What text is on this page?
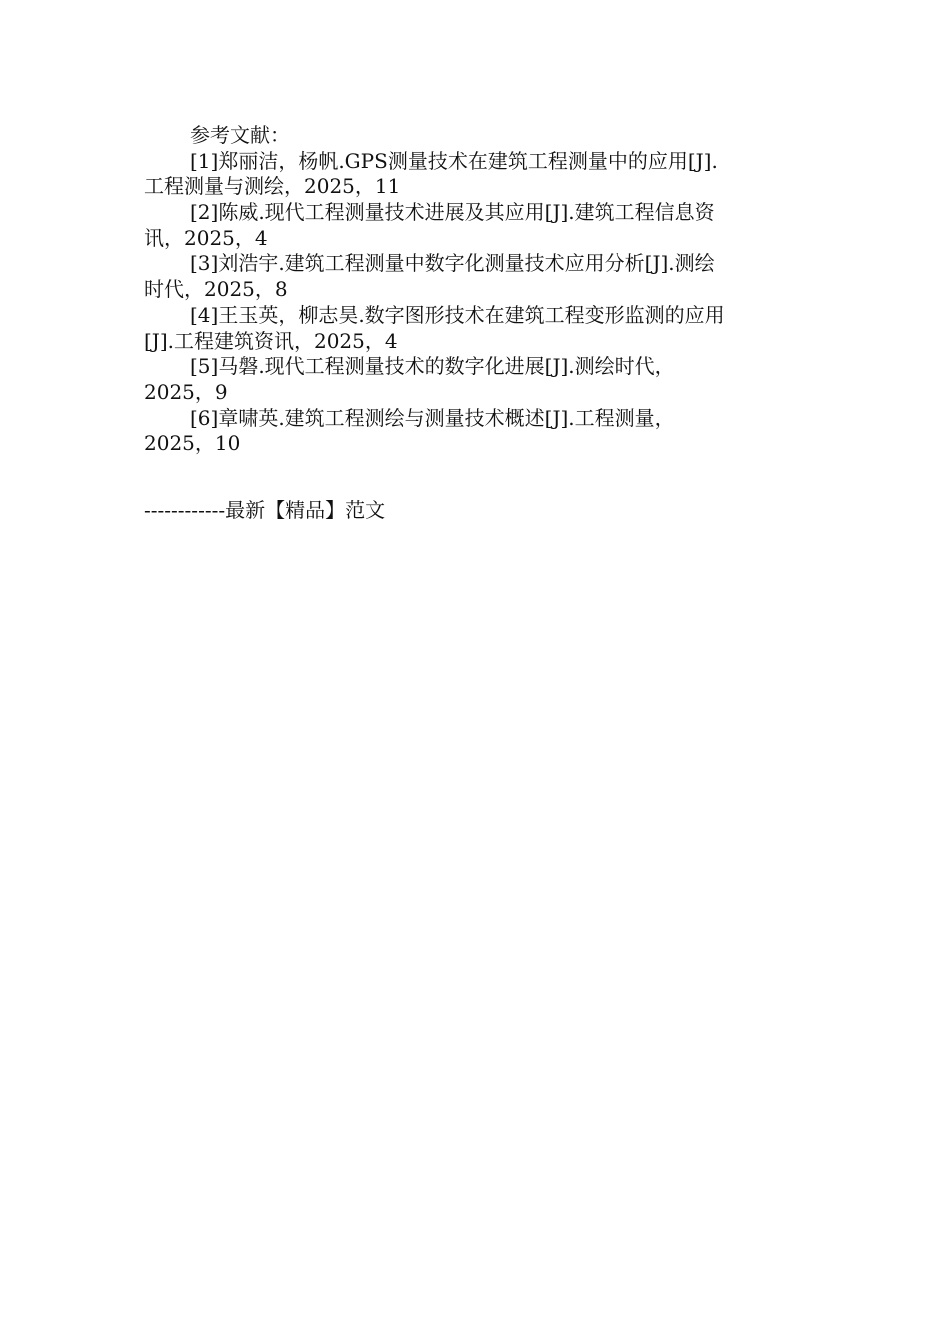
参考文献：
[1]郑丽洁，杨帆.GPS测量技术在建筑工程测量中的应用[J].
工程测量与测绘，2025，11
[2]陈威.现代工程测量技术进展及其应用[J].建筑工程信息资
讯，2025，4
[3]刘浩宇.建筑工程测量中数字化测量技术应用分析[J].测绘
时代，2025，8
[4]王玉英，柳志昊.数字图形技术在建筑工程变形监测的应用
[J].工程建筑资讯，2025，4
[5]马磐.现代工程测量技术的数字化进展[J].测绘时代，
2025，9
[6]章啸英.建筑工程测绘与测量技术概述[J].工程测量，
2025，10
------------最新【精品】范文
